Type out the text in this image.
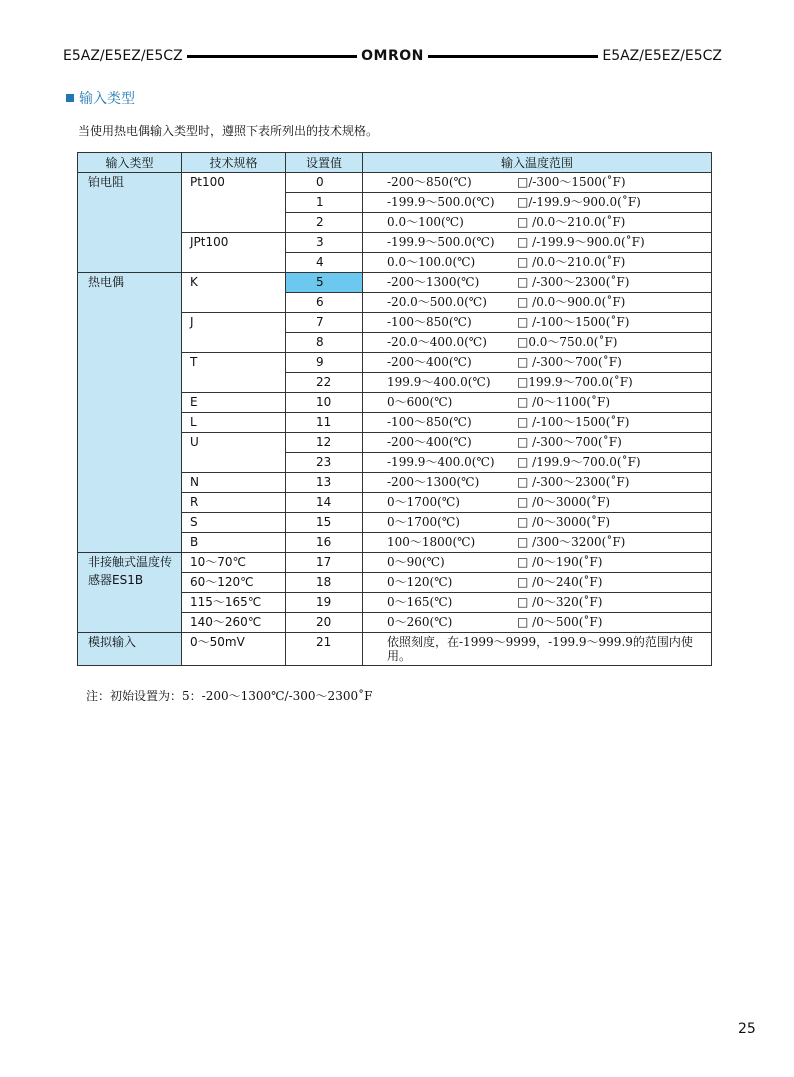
E5AZ/E5EZ/E5CZ	OMRON	E5AZ/E5EZ/E5CZ
输入类型
当使用热电偶输入类型时，遵照下表所列出的技术规格。
输入类型	技术规格	设置值	输入温度范围
铂电阻	Pt100	0	-200～850(℃) □/-300～1500(˚F)
		1	-199.9～500.0(℃) □/-199.9～900.0(˚F)
		2	0.0～100(℃) □ /0.0～210.0(˚F)
	JPt100	3	-199.9～500.0(℃) □ /-199.9～900.0(˚F)
		4	0.0～100.0(℃) □ /0.0～210.0(˚F)
热电偶	K	5	-200～1300(℃) □ /-300～2300(˚F)
		6	-20.0～500.0(℃) □ /0.0～900.0(˚F)
	J	7	-100～850(℃) □ /-100～1500(˚F)
		8	-20.0～400.0(℃) □0.0～750.0(˚F)
	T	9	-200～400(℃) □ /-300～700(˚F)
		22	199.9～400.0(℃) □199.9～700.0(˚F)
	E	10	0～600(℃) □ /0～1100(˚F)
	L	11	-100～850(℃) □ /-100～1500(˚F)
	U	12	-200～400(℃) □ /-300～700(˚F)
		23	-199.9～400.0(℃) □ /199.9～700.0(˚F)
	N	13	-200～1300(℃) □ /-300～2300(˚F)
	R	14	0～1700(℃) □ /0～3000(˚F)
	S	15	0～1700(℃) □ /0～3000(˚F)
	B	16	100～1800(℃) □ /300～3200(˚F)
非接触式温度传感器ES1B	10～70℃	17	0～90(℃) □ /0～190(˚F)
	60～120℃	18	0～120(℃) □ /0～240(˚F)
	115～165℃	19	0～165(℃) □ /0～320(˚F)
	140～260℃	20	0～260(℃) □ /0～500(˚F)
模拟输入	0～50mV	21	依照刻度，在-1999～9999，-199.9～999.9的范围内使用。
注：初始设置为：5：-200～1300℃/-300～2300˚F
25
